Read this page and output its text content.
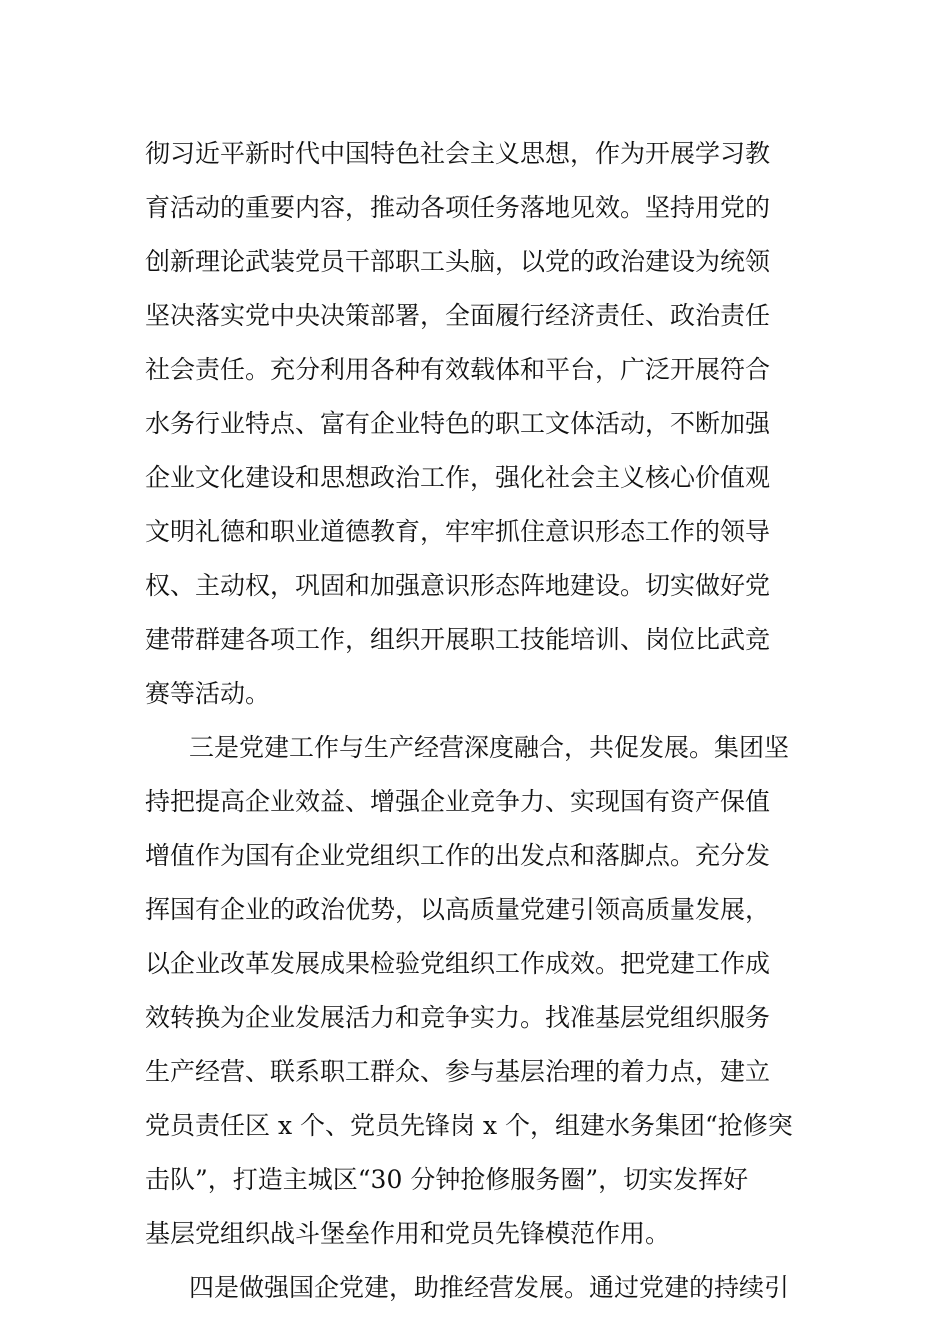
彻习近平新时代中国特色社会主义思想，作为开展学习教
育活动的重要内容，推动各项任务落地见效。坚持用党的
创新理论武装党员干部职工头脑，以党的政治建设为统领
坚决落实党中央决策部署，全面履行经济责任、政治责任
社会责任。充分利用各种有效载体和平台，广泛开展符合
水务行业特点、富有企业特色的职工文体活动，不断加强
企业文化建设和思想政治工作，强化社会主义核心价值观
文明礼德和职业道德教育，牢牢抓住意识形态工作的领导
权、主动权，巩固和加强意识形态阵地建设。切实做好党
建带群建各项工作，组织开展职工技能培训、岗位比武竞
赛等活动。
三是党建工作与生产经营深度融合，共促发展。集团坚
持把提高企业效益、增强企业竞争力、实现国有资产保值
增值作为国有企业党组织工作的出发点和落脚点。充分发
挥国有企业的政治优势，以高质量党建引领高质量发展，
以企业改革发展成果检验党组织工作成效。把党建工作成
效转换为企业发展活力和竞争实力。找准基层党组织服务
生产经营、联系职工群众、参与基层治理的着力点，建立
党员责任区 x 个、党员先锋岗 x 个，组建水务集团“抢修突
击队”，打造主城区“30 分钟抢修服务圈”，切实发挥好
基层党组织战斗堡垒作用和党员先锋模范作用。
四是做强国企党建，助推经营发展。通过党建的持续引
